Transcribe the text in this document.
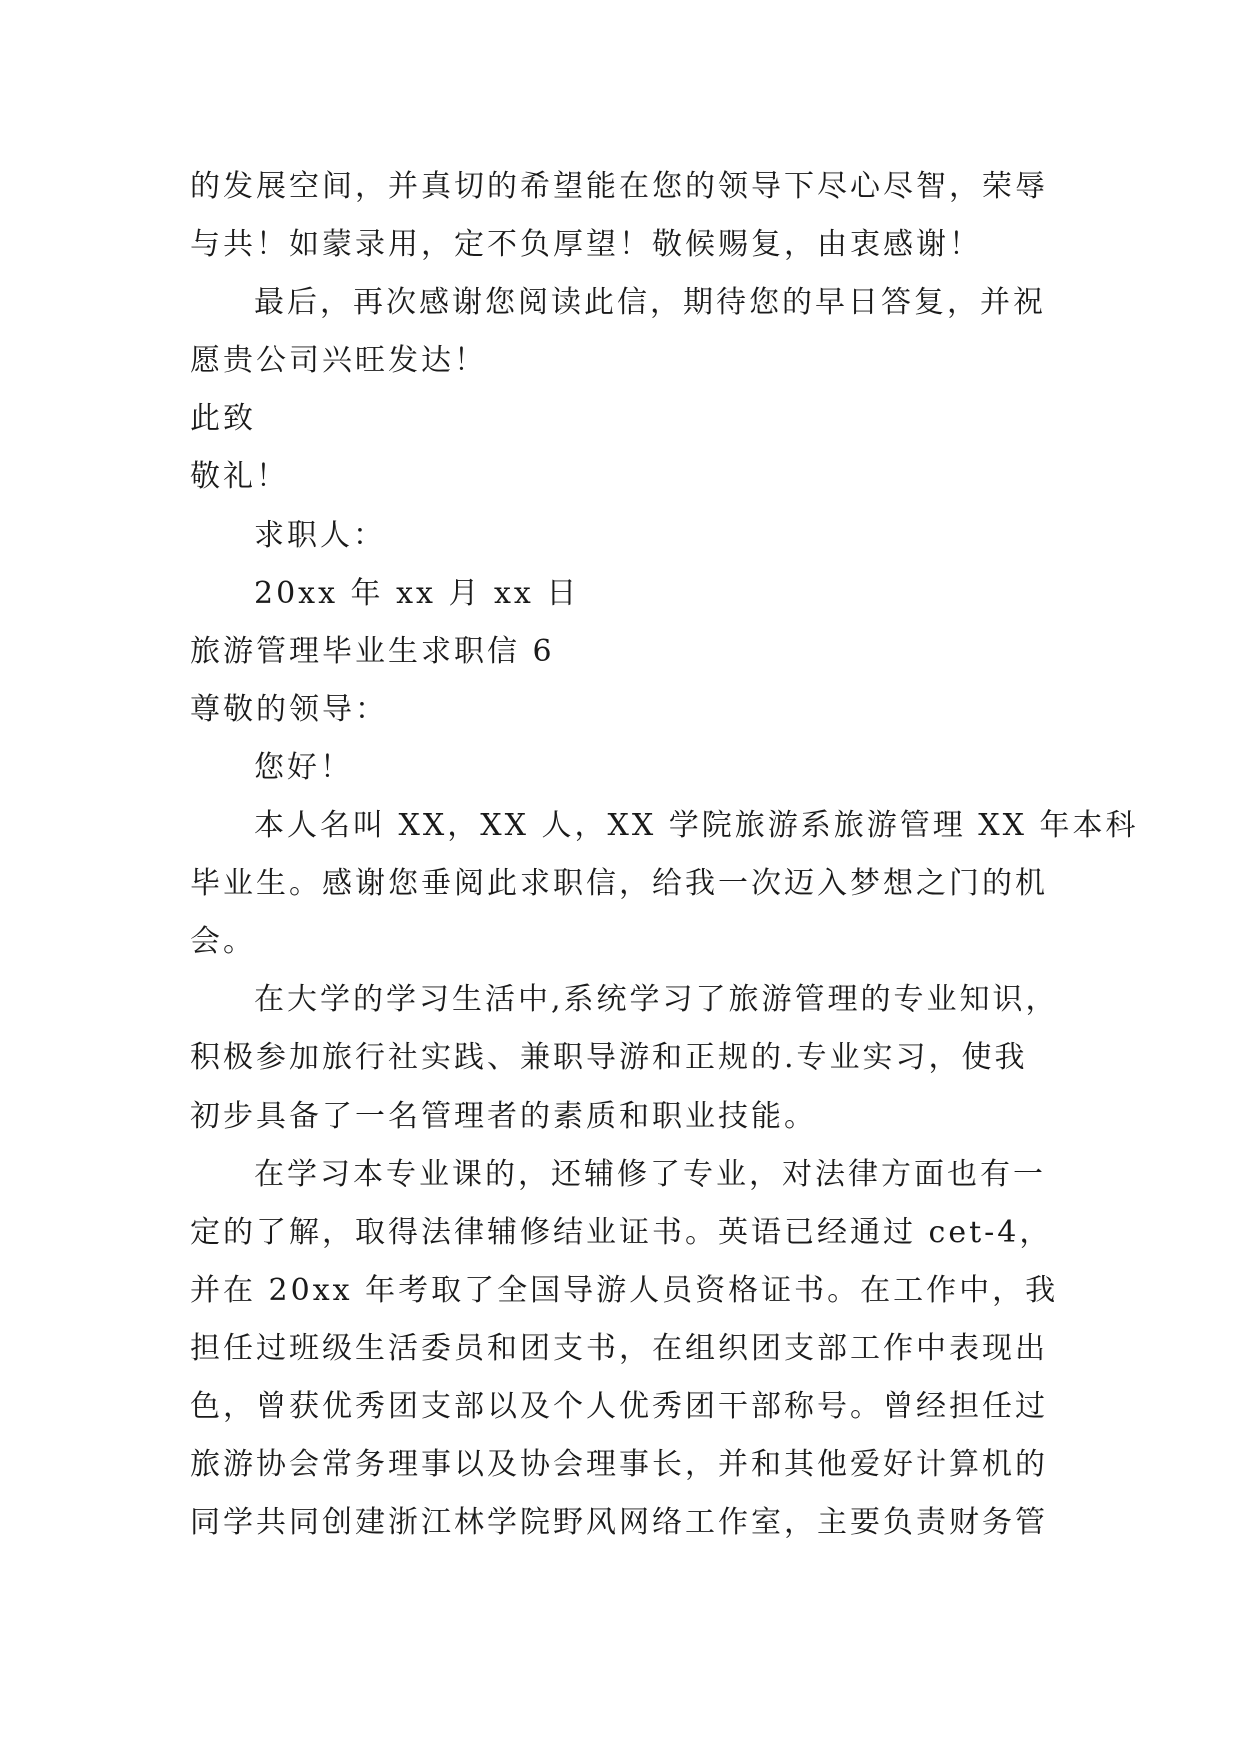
的发展空间，并真切的希望能在您的领导下尽心尽智，荣辱
与共！如蒙录用，定不负厚望！敬候赐复，由衷感谢！
最后，再次感谢您阅读此信，期待您的早日答复，并祝
愿贵公司兴旺发达！
此致
敬礼！
求职人：
20xx 年 xx 月 xx 日
旅游管理毕业生求职信 6
尊敬的领导：
您好！
本人名叫 XX，XX 人，XX 学院旅游系旅游管理 XX 年本科
毕业生。感谢您垂阅此求职信，给我一次迈入梦想之门的机
会。
在大学的学习生活中,系统学习了旅游管理的专业知识，
积极参加旅行社实践、兼职导游和正规的.专业实习，使我
初步具备了一名管理者的素质和职业技能。
在学习本专业课的，还辅修了专业，对法律方面也有一
定的了解，取得法律辅修结业证书。英语已经通过 cet-4，
并在 20xx 年考取了全国导游人员资格证书。在工作中，我
担任过班级生活委员和团支书，在组织团支部工作中表现出
色，曾获优秀团支部以及个人优秀团干部称号。曾经担任过
旅游协会常务理事以及协会理事长，并和其他爱好计算机的
同学共同创建浙江林学院野风网络工作室，主要负责财务管
